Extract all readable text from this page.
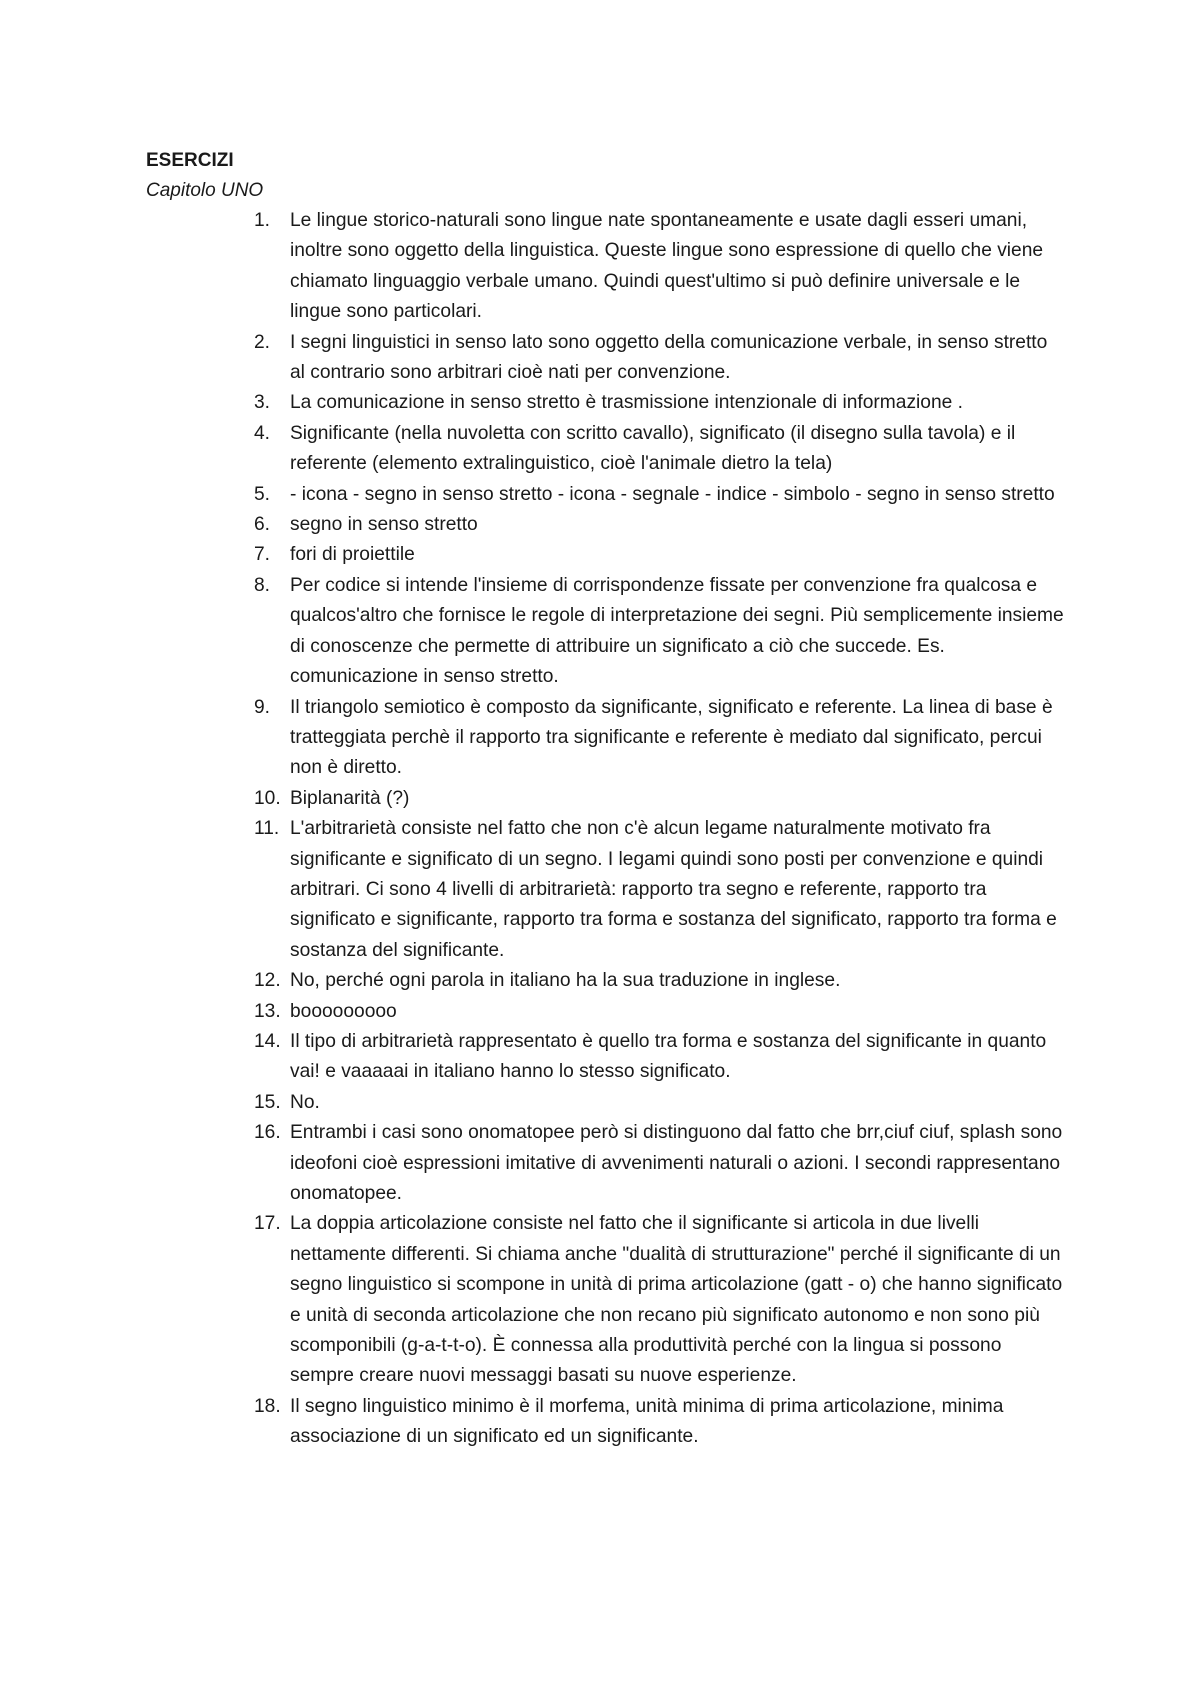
ESERCIZI

Capitolo UNO

1.	Le lingue storico-naturali sono lingue nate spontaneamente e usate dagli esseri umani, inoltre sono oggetto della linguistica. Queste lingue sono espressione di quello che viene chiamato linguaggio verbale umano. Quindi quest'ultimo si può definire universale e le lingue sono particolari.
2.	I segni linguistici in senso lato sono oggetto della comunicazione verbale, in senso stretto al contrario sono arbitrari cioè nati per convenzione.
3.	La comunicazione in senso stretto è trasmissione intenzionale di informazione .
4.	Significante (nella nuvoletta con scritto cavallo), significato (il disegno sulla tavola) e il referente (elemento extralinguistico, cioè l'animale dietro la tela)
5.	- icona - segno in senso stretto - icona - segnale - indice - simbolo - segno in senso stretto
6.	segno in senso stretto
7.	fori di proiettile
8.	Per codice si intende l'insieme di corrispondenze fissate per convenzione fra qualcosa e qualcos'altro che fornisce le regole di interpretazione dei segni. Più semplicemente insieme di conoscenze che permette di attribuire un significato a ciò che succede. Es. comunicazione in senso stretto.
9.	Il triangolo semiotico è composto da significante, significato e referente. La linea di base è tratteggiata perchè il rapporto tra significante e referente è mediato dal significato, percui non è diretto.
10. Biplanarità (?)
11. L'arbitrarietà consiste nel fatto che non c'è alcun legame naturalmente motivato fra significante e significato di un segno. I legami quindi sono posti per convenzione e quindi arbitrari. Ci sono 4 livelli di arbitrarietà: rapporto tra segno e referente, rapporto tra significato e significante, rapporto tra forma e sostanza del significato, rapporto tra forma e sostanza del significante.
12. No, perché ogni parola in italiano ha la sua traduzione in inglese.
13. booooooooo
14. Il tipo di arbitrarietà rappresentato è quello tra forma e sostanza del significante in quanto vai! e vaaaaai in italiano hanno lo stesso significato.
15. No.
16. Entrambi i casi sono onomatopee però si distinguono dal fatto che brr,ciuf ciuf, splash sono ideofoni cioè espressioni imitative di avvenimenti naturali o azioni. I secondi rappresentano onomatopee.
17. La doppia articolazione consiste nel fatto che il significante si articola in due livelli nettamente differenti. Si chiama anche "dualità di strutturazione" perché il significante di un segno linguistico si scompone in unità di prima articolazione (gatt - o) che hanno significato e unità di seconda articolazione che non recano più significato autonomo e non sono più scomponibili (g-a-t-t-o). È connessa alla produttività perché con la lingua si possono sempre creare nuovi messaggi basati su nuove esperienze.
18. Il segno linguistico minimo è il morfema, unità minima di prima articolazione, minima associazione di un significato ed un significante.
